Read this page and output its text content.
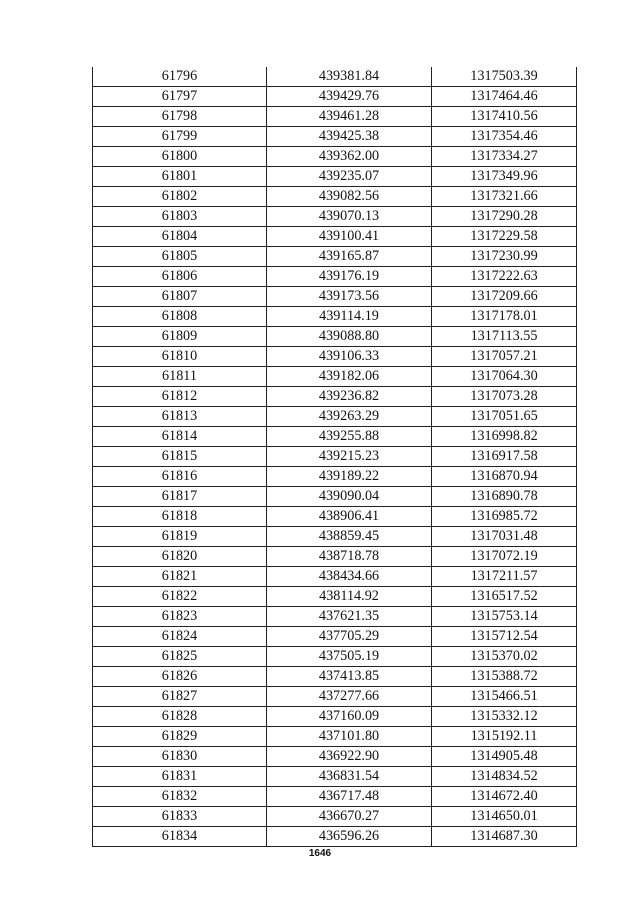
61796	439381.84	1317503.39
61797	439429.76	1317464.46
61798	439461.28	1317410.56
61799	439425.38	1317354.46
61800	439362.00	1317334.27
61801	439235.07	1317349.96
61802	439082.56	1317321.66
61803	439070.13	1317290.28
61804	439100.41	1317229.58
61805	439165.87	1317230.99
61806	439176.19	1317222.63
61807	439173.56	1317209.66
61808	439114.19	1317178.01
61809	439088.80	1317113.55
61810	439106.33	1317057.21
61811	439182.06	1317064.30
61812	439236.82	1317073.28
61813	439263.29	1317051.65
61814	439255.88	1316998.82
61815	439215.23	1316917.58
61816	439189.22	1316870.94
61817	439090.04	1316890.78
61818	438906.41	1316985.72
61819	438859.45	1317031.48
61820	438718.78	1317072.19
61821	438434.66	1317211.57
61822	438114.92	1316517.52
61823	437621.35	1315753.14
61824	437705.29	1315712.54
61825	437505.19	1315370.02
61826	437413.85	1315388.72
61827	437277.66	1315466.51
61828	437160.09	1315332.12
61829	437101.80	1315192.11
61830	436922.90	1314905.48
61831	436831.54	1314834.52
61832	436717.48	1314672.40
61833	436670.27	1314650.01
61834	436596.26	1314687.30
1646
